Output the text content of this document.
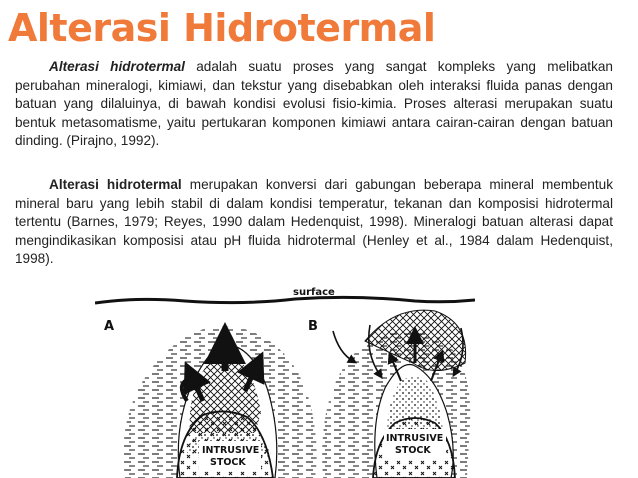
Alterasi Hidrotermal

Alterasi hidrotermal adalah suatu proses yang sangat kompleks yang melibatkan perubahan mineralogi, kimiawi, dan tekstur yang disebabkan oleh interaksi fluida panas dengan batuan yang dilaluinya, di bawah kondisi evolusi fisio-kimia. Proses alterasi merupakan suatu bentuk metasomatisme, yaitu pertukaran komponen kimiawi antara cairan-cairan dengan batuan dinding. (Pirajno, 1992).

Alterasi hidrotermal merupakan konversi dari gabungan beberapa mineral membentuk mineral baru yang lebih stabil di dalam kondisi temperatur, tekanan dan komposisi hidrotermal tertentu (Barnes, 1979; Reyes, 1990 dalam Hedenquist, 1998). Mineralogi batuan alterasi dapat mengindikasikan komposisi atau pH fluida hidrotermal (Henley et al., 1984 dalam Hedenquist, 1998).

surface
A
INTRUSIVE
STOCK
B
INTRUSIVE
STOCK
